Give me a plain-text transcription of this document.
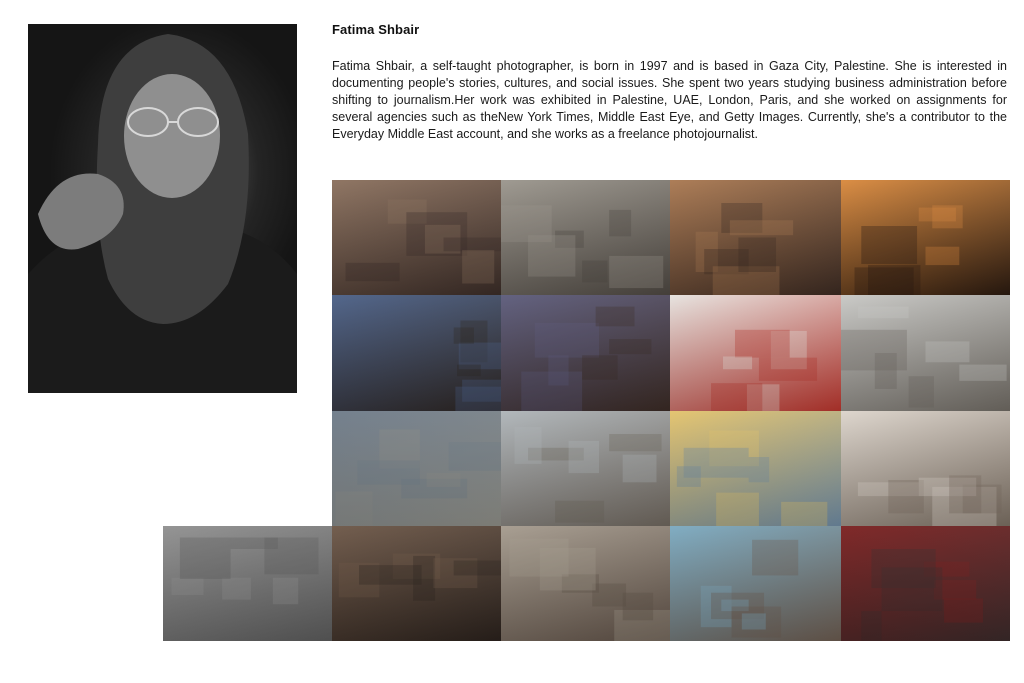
Fatima Shbair
Fatima Shbair, a self-taught photographer, is born in 1997 and is based in Gaza City, Palestine. She is interested in documenting people's stories, cultures, and social issues. She spent two years studying business administration before shifting to journalism.Her work was exhibited in Palestine, UAE, London, Paris, and she worked on assignments for several agencies such as theNew York Times, Middle East Eye, and Getty Images. Currently, she's a contributor to the Everyday Middle East account, and she works as a freelance photojournalist.
